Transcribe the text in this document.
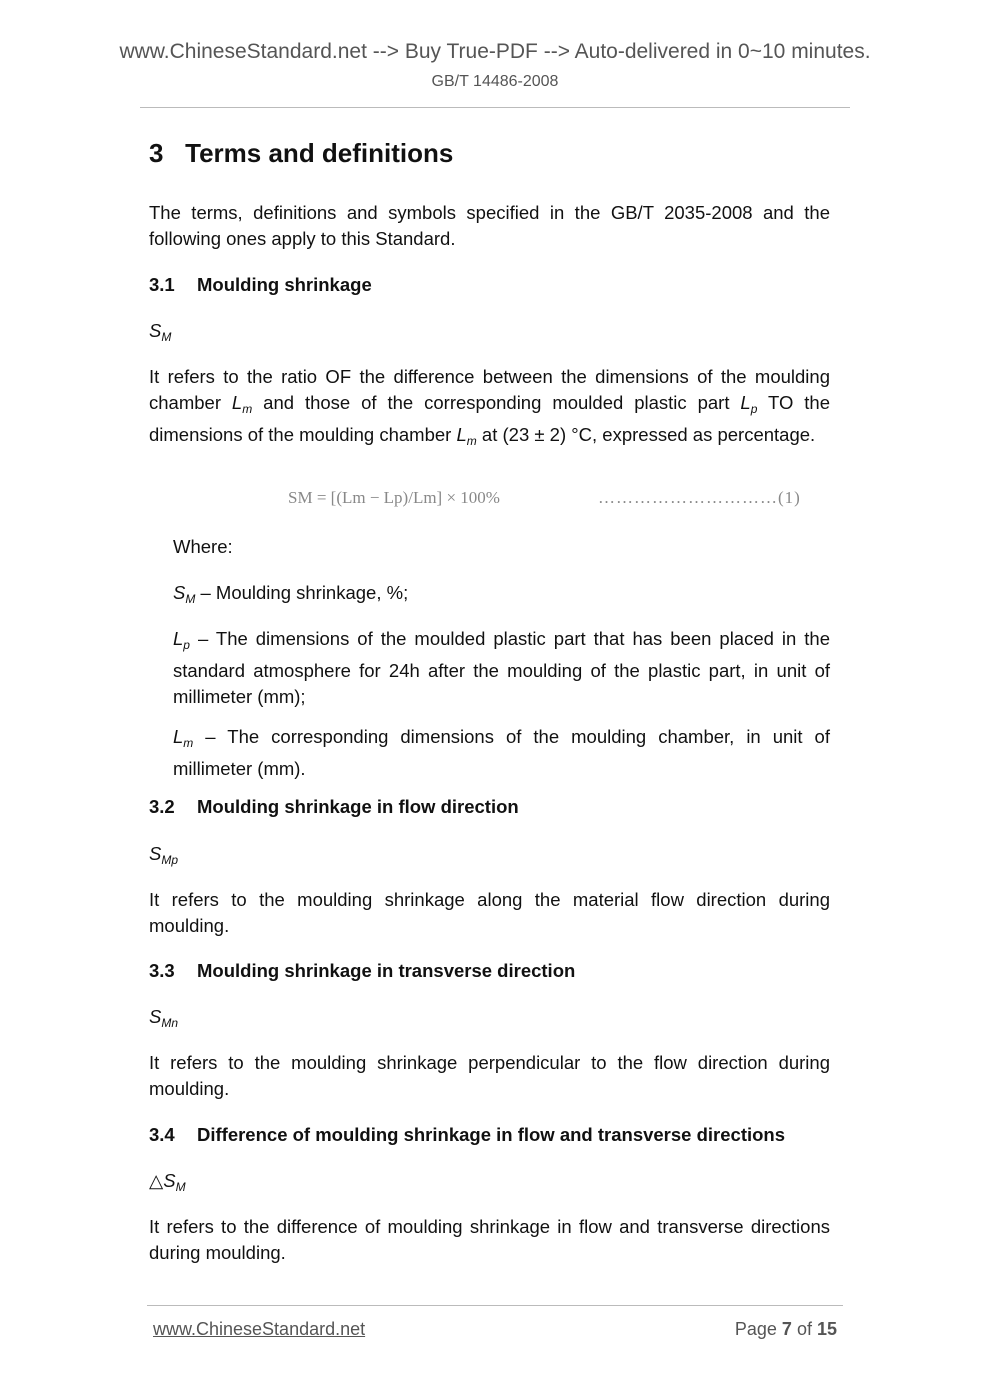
www.ChineseStandard.net --> Buy True-PDF --> Auto-delivered in 0~10 minutes.
GB/T 14486-2008
3 Terms and definitions
The terms, definitions and symbols specified in the GB/T 2035-2008 and the following ones apply to this Standard.
3.1 Moulding shrinkage
$S_M$
It refers to the ratio OF the difference between the dimensions of the moulding chamber $L_m$ and those of the corresponding moulded plastic part $L_p$ TO the dimensions of the moulding chamber $L_m$ at (23 ± 2) °C, expressed as percentage.
SM = [(Lm − Lp)/Lm] × 100%	…………………………(1)
Where:
$S_M$ – Moulding shrinkage, %;
$L_p$ – The dimensions of the moulded plastic part that has been placed in the standard atmosphere for 24h after the moulding of the plastic part, in unit of millimeter (mm);
$L_m$ – The corresponding dimensions of the moulding chamber, in unit of millimeter (mm).
3.2 Moulding shrinkage in flow direction
$S_{Mp}$
It refers to the moulding shrinkage along the material flow direction during moulding.
3.3 Moulding shrinkage in transverse direction
$S_{Mn}$
It refers to the moulding shrinkage perpendicular to the flow direction during moulding.
3.4 Difference of moulding shrinkage in flow and transverse directions
$\triangle S_M$
It refers to the difference of moulding shrinkage in flow and transverse directions during moulding.
www.ChineseStandard.net	Page 7 of 15
